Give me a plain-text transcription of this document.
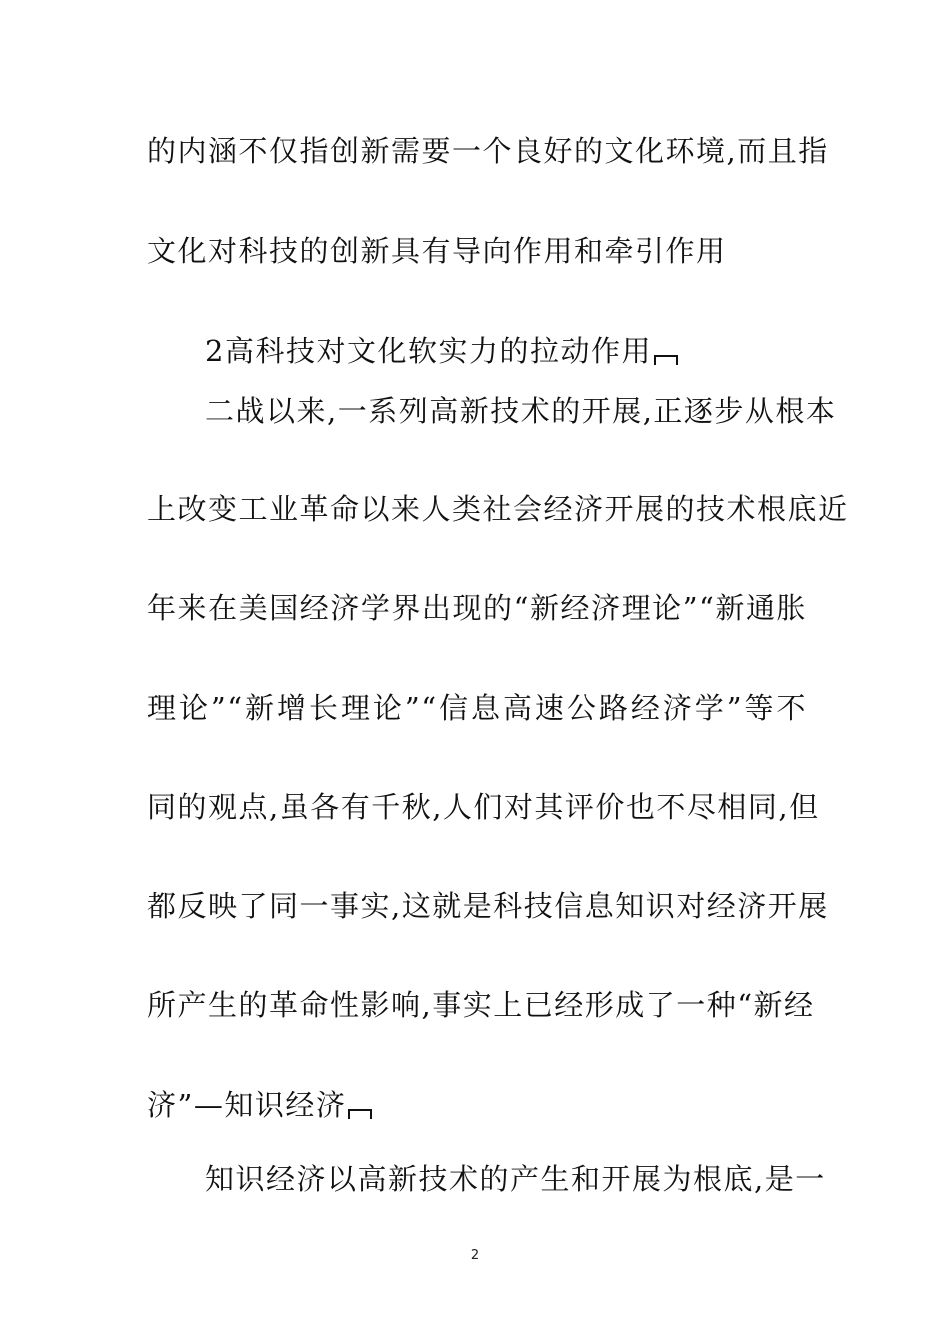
的内涵不仅指创新需要一个良好的文化环境,而且指
文化对科技的创新具有导向作用和牵引作用
2高科技对文化软实力的拉动作用
二战以来,一系列高新技术的开展,正逐步从根本
上改变工业革命以来人类社会经济开展的技术根底近
年来在美国经济学界出现的“新经济理论”“新通胀
理论”“新增长理论”“信息高速公路经济学”等不
同的观点,虽各有千秋,人们对其评价也不尽相同,但
都反映了同一事实,这就是科技信息知识对经济开展
所产生的革命性影响,事实上已经形成了一种“新经
济”—知识经济
知识经济以高新技术的产生和开展为根底,是一
2
